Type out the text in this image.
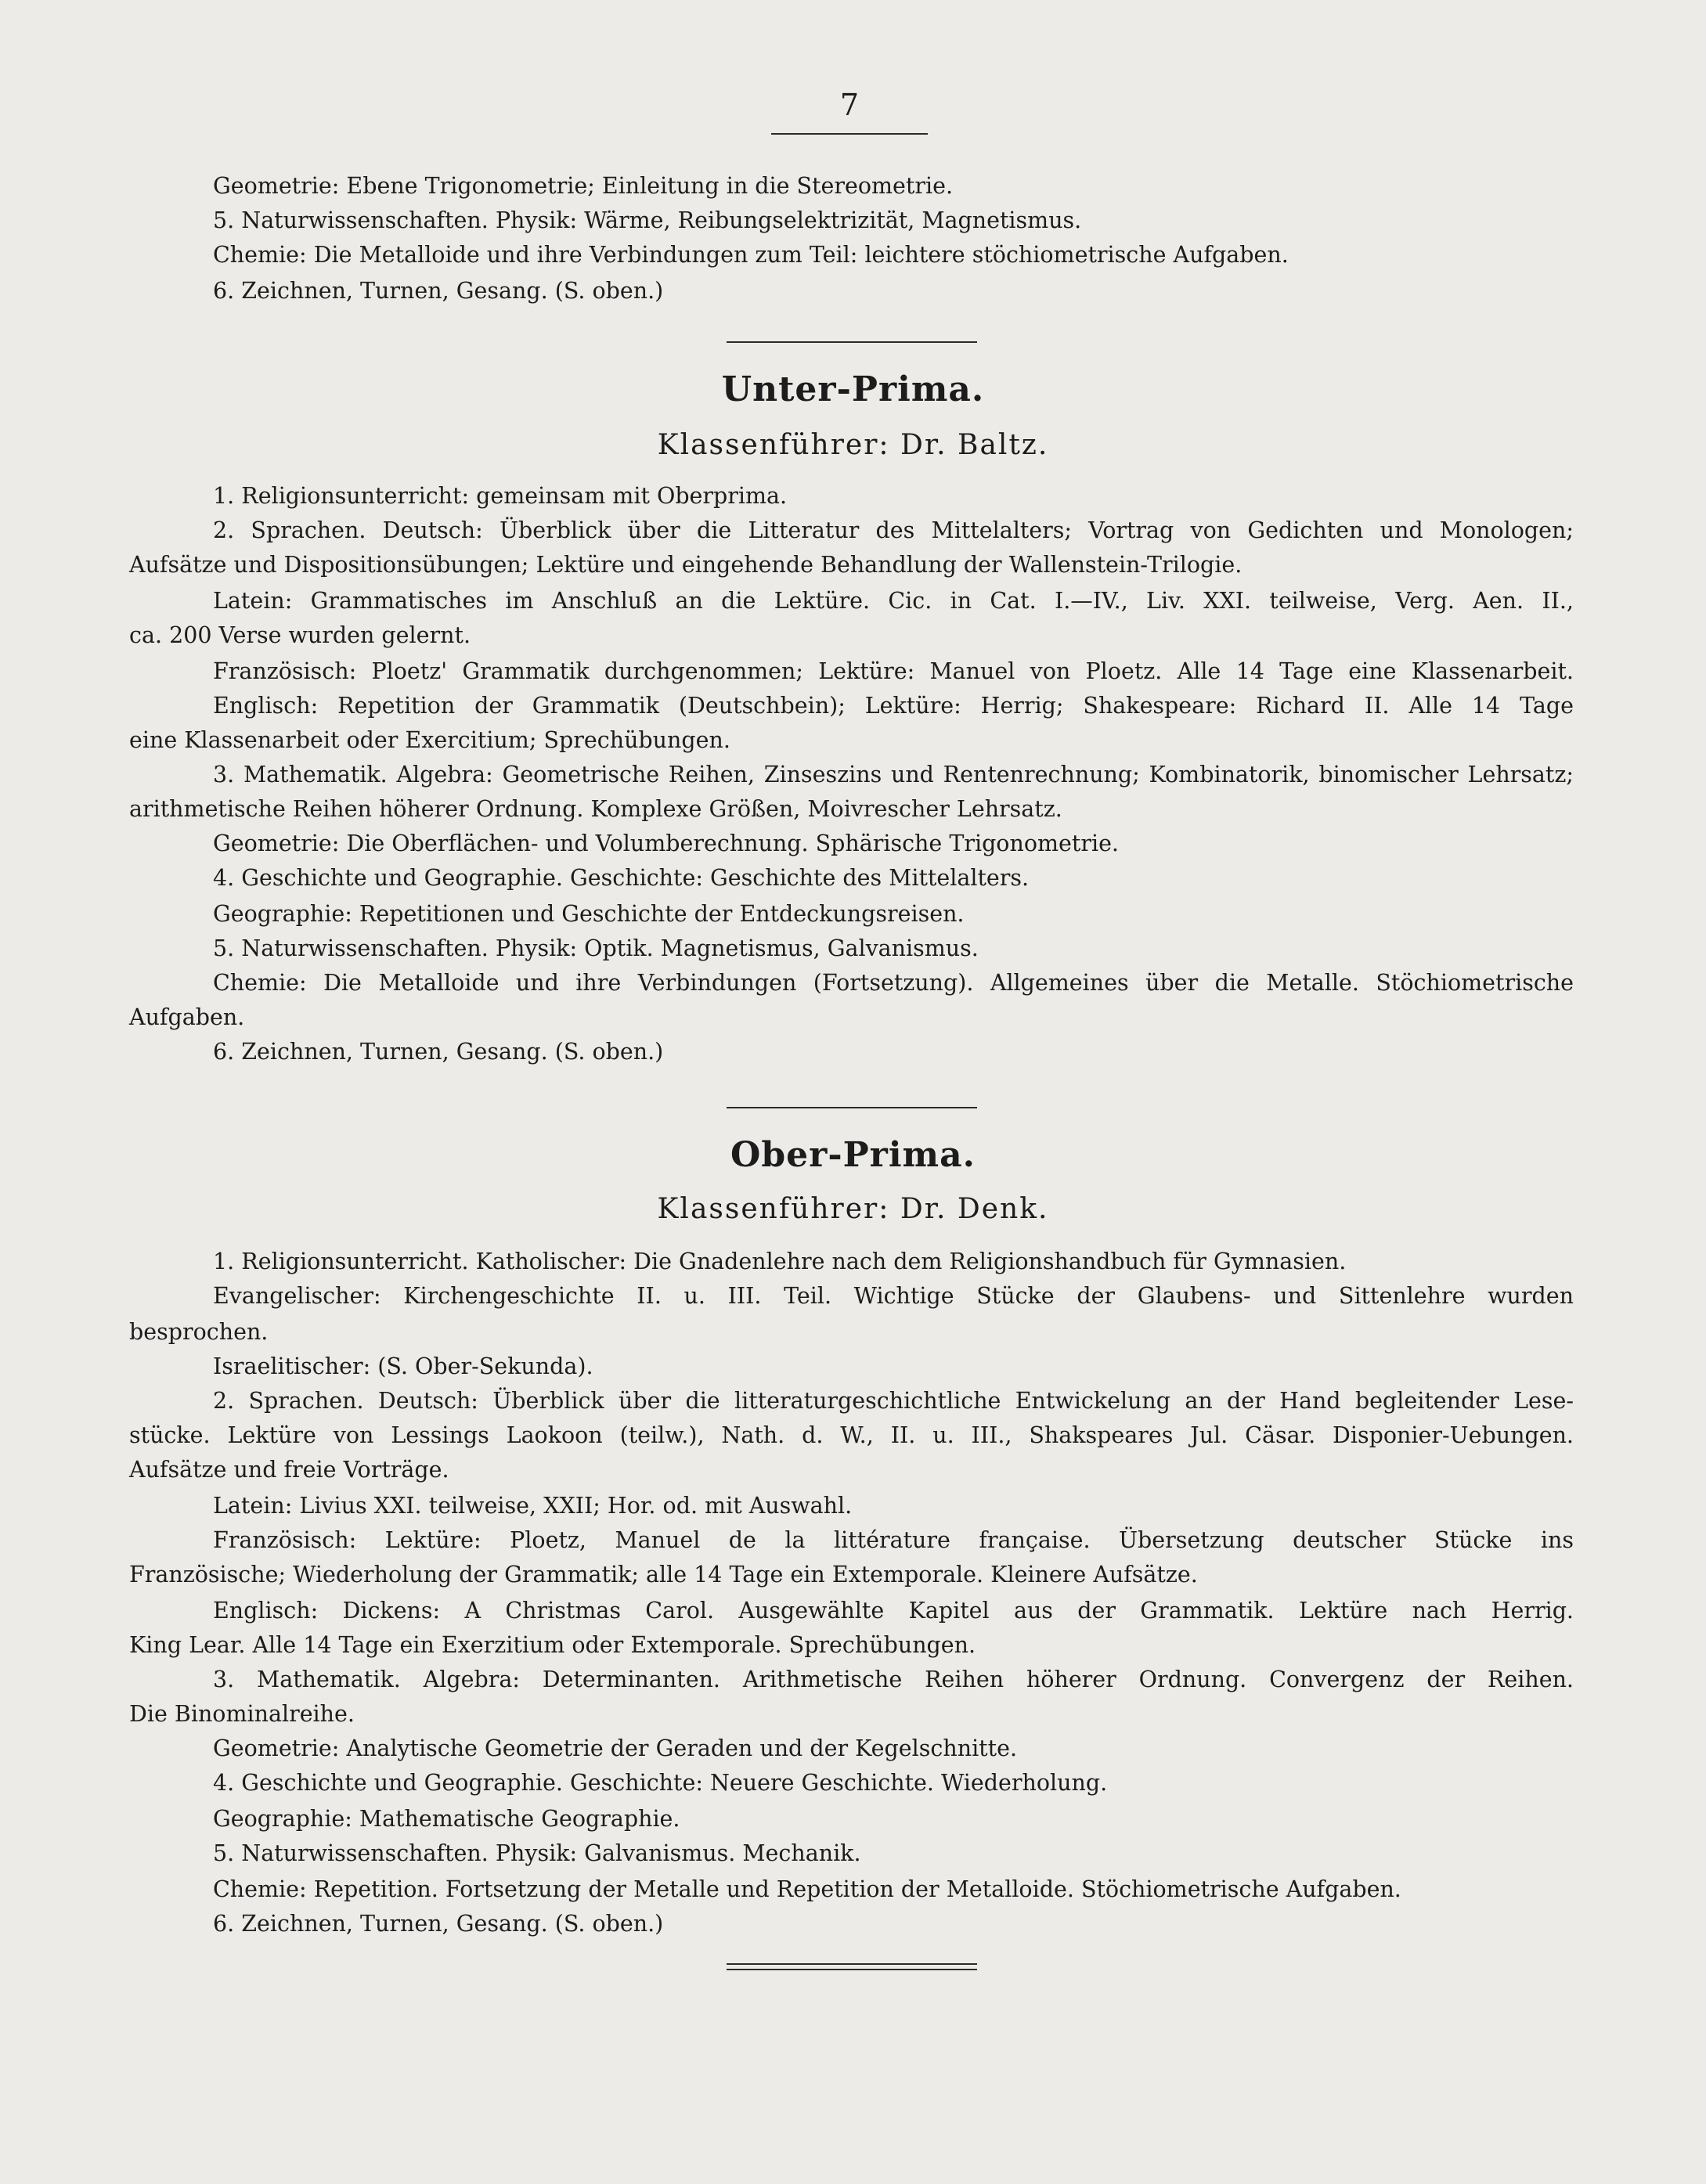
7
Geometrie: Ebene Trigonometrie; Einleitung in die Stereometrie.
5. Naturwissenschaften. Physik: Wärme, Reibungselektrizität, Magnetismus.
Chemie: Die Metalloide und ihre Verbindungen zum Teil: leichtere stöchiometrische Aufgaben.
6. Zeichnen, Turnen, Gesang. (S. oben.)
Unter-Prima.
Klassenführer: Dr. Baltz.
1. Religionsunterricht: gemeinsam mit Oberprima.
2. Sprachen. Deutsch: Überblick über die Litteratur des Mittelalters; Vortrag von Gedichten und Monologen;
Aufsätze und Dispositionsübungen; Lektüre und eingehende Behandlung der Wallenstein-Trilogie.
Latein: Grammatisches im Anschluß an die Lektüre. Cic. in Cat. I.—IV., Liv. XXI. teilweise, Verg. Aen. II.,
ca. 200 Verse wurden gelernt.
Französisch: Ploetz' Grammatik durchgenommen; Lektüre: Manuel von Ploetz. Alle 14 Tage eine Klassenarbeit.
Englisch: Repetition der Grammatik (Deutschbein); Lektüre: Herrig; Shakespeare: Richard II. Alle 14 Tage
eine Klassenarbeit oder Exercitium; Sprechübungen.
3. Mathematik. Algebra: Geometrische Reihen, Zinseszins und Rentenrechnung; Kombinatorik, binomischer Lehrsatz;
arithmetische Reihen höherer Ordnung. Komplexe Größen, Moivrescher Lehrsatz.
Geometrie: Die Oberflächen- und Volumberechnung. Sphärische Trigonometrie.
4. Geschichte und Geographie. Geschichte: Geschichte des Mittelalters.
Geographie: Repetitionen und Geschichte der Entdeckungsreisen.
5. Naturwissenschaften. Physik: Optik. Magnetismus, Galvanismus.
Chemie: Die Metalloide und ihre Verbindungen (Fortsetzung). Allgemeines über die Metalle. Stöchiometrische
Aufgaben.
6. Zeichnen, Turnen, Gesang. (S. oben.)
Ober-Prima.
Klassenführer: Dr. Denk.
1. Religionsunterricht. Katholischer: Die Gnadenlehre nach dem Religionshandbuch für Gymnasien.
Evangelischer: Kirchengeschichte II. u. III. Teil. Wichtige Stücke der Glaubens- und Sittenlehre wurden
besprochen.
Israelitischer: (S. Ober-Sekunda).
2. Sprachen. Deutsch: Überblick über die litteraturgeschichtliche Entwickelung an der Hand begleitender Lese-
stücke. Lektüre von Lessings Laokoon (teilw.), Nath. d. W., II. u. III., Shakspeares Jul. Cäsar. Disponier-Uebungen.
Aufsätze und freie Vorträge.
Latein: Livius XXI. teilweise, XXII; Hor. od. mit Auswahl.
Französisch: Lektüre: Ploetz, Manuel de la littérature française. Übersetzung deutscher Stücke ins
Französische; Wiederholung der Grammatik; alle 14 Tage ein Extemporale. Kleinere Aufsätze.
Englisch: Dickens: A Christmas Carol. Ausgewählte Kapitel aus der Grammatik. Lektüre nach Herrig.
King Lear. Alle 14 Tage ein Exerzitium oder Extemporale. Sprechübungen.
3. Mathematik. Algebra: Determinanten. Arithmetische Reihen höherer Ordnung. Convergenz der Reihen.
Die Binominalreihe.
Geometrie: Analytische Geometrie der Geraden und der Kegelschnitte.
4. Geschichte und Geographie. Geschichte: Neuere Geschichte. Wiederholung.
Geographie: Mathematische Geographie.
5. Naturwissenschaften. Physik: Galvanismus. Mechanik.
Chemie: Repetition. Fortsetzung der Metalle und Repetition der Metalloide. Stöchiometrische Aufgaben.
6. Zeichnen, Turnen, Gesang. (S. oben.)
